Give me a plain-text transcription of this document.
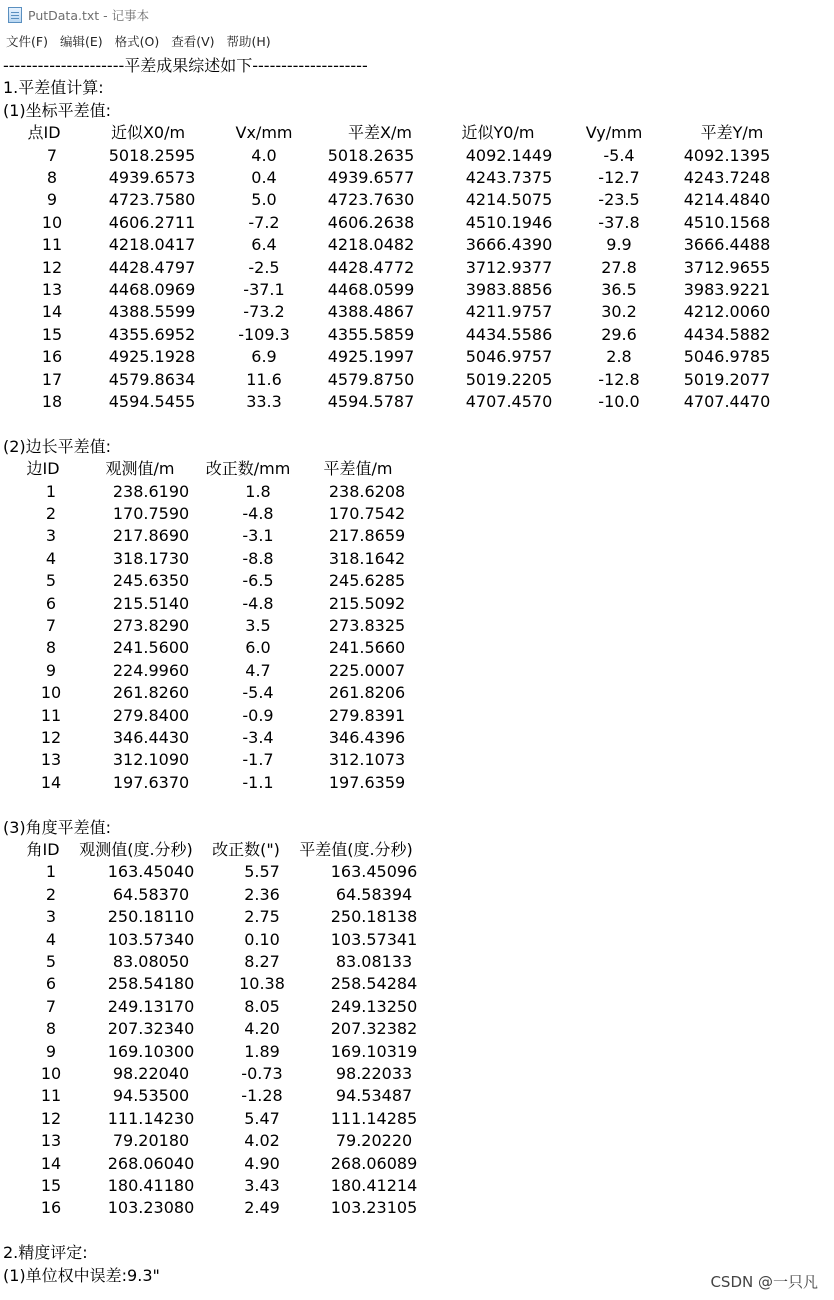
PutData.txt - 记事本
文件(F) 编辑(E) 格式(O) 查看(V) 帮助(H)
---------------------平差成果综述如下--------------------
1.平差值计算:
(1)坐标平差值:
点ID	近似X0/m	Vx/mm	平差X/m	近似Y0/m	Vy/mm	平差Y/m
7	5018.2595	4.0	5018.2635	4092.1449	-5.4	4092.1395
8	4939.6573	0.4	4939.6577	4243.7375	-12.7	4243.7248
9	4723.7580	5.0	4723.7630	4214.5075	-23.5	4214.4840
10	4606.2711	-7.2	4606.2638	4510.1946	-37.8	4510.1568
11	4218.0417	6.4	4218.0482	3666.4390	9.9	3666.4488
12	4428.4797	-2.5	4428.4772	3712.9377	27.8	3712.9655
13	4468.0969	-37.1	4468.0599	3983.8856	36.5	3983.9221
14	4388.5599	-73.2	4388.4867	4211.9757	30.2	4212.0060
15	4355.6952	-109.3 4355.5859	4434.5586	29.6	4434.5882
16	4925.1928	6.9	4925.1997	5046.9757	2.8	5046.9785
17	4579.8634	11.6	4579.8750	5019.2205	-12.8	5019.2077
18	4594.5455	33.3	4594.5787	4707.4570	-10.0	4707.4470
(2)边长平差值:
边ID	观测值/m 改正数/mm 平差值/m
1	238.6190	1.8	238.6208
2	170.7590	-4.8	170.7542
3	217.8690	-3.1	217.8659
4	318.1730	-8.8	318.1642
5	245.6350	-6.5	245.6285
6	215.5140	-4.8	215.5092
7	273.8290	3.5	273.8325
8	241.5600	6.0	241.5660
9	224.9960	4.7	225.0007
10	261.8260	-5.4	261.8206
11	279.8400	-0.9	279.8391
12	346.4430	-3.4	346.4396
13	312.1090	-1.7	312.1073
14	197.6370	-1.1	197.6359
(3)角度平差值:
角ID 观测值(度.分秒) 改正数(") 平差值(度.分秒)
1	163.45040	5.57	163.45096
2	64.58370	2.36	64.58394
3	250.18110	2.75	250.18138
4	103.57340	0.10	103.57341
5	83.08050	8.27	83.08133
6	258.54180	10.38	258.54284
7	249.13170	8.05	249.13250
8	207.32340	4.20	207.32382
9	169.10300	1.89	169.10319
10	98.22040	-0.73	98.22033
11	94.53500	-1.28	94.53487
12	111.14230	5.47	111.14285
13	79.20180	4.02	79.20220
14	268.06040	4.90	268.06089
15	180.41180	3.43	180.41214
16	103.23080	2.49	103.23105
2.精度评定:
(1)单位权中误差:9.3"	CSDN @一只凡
